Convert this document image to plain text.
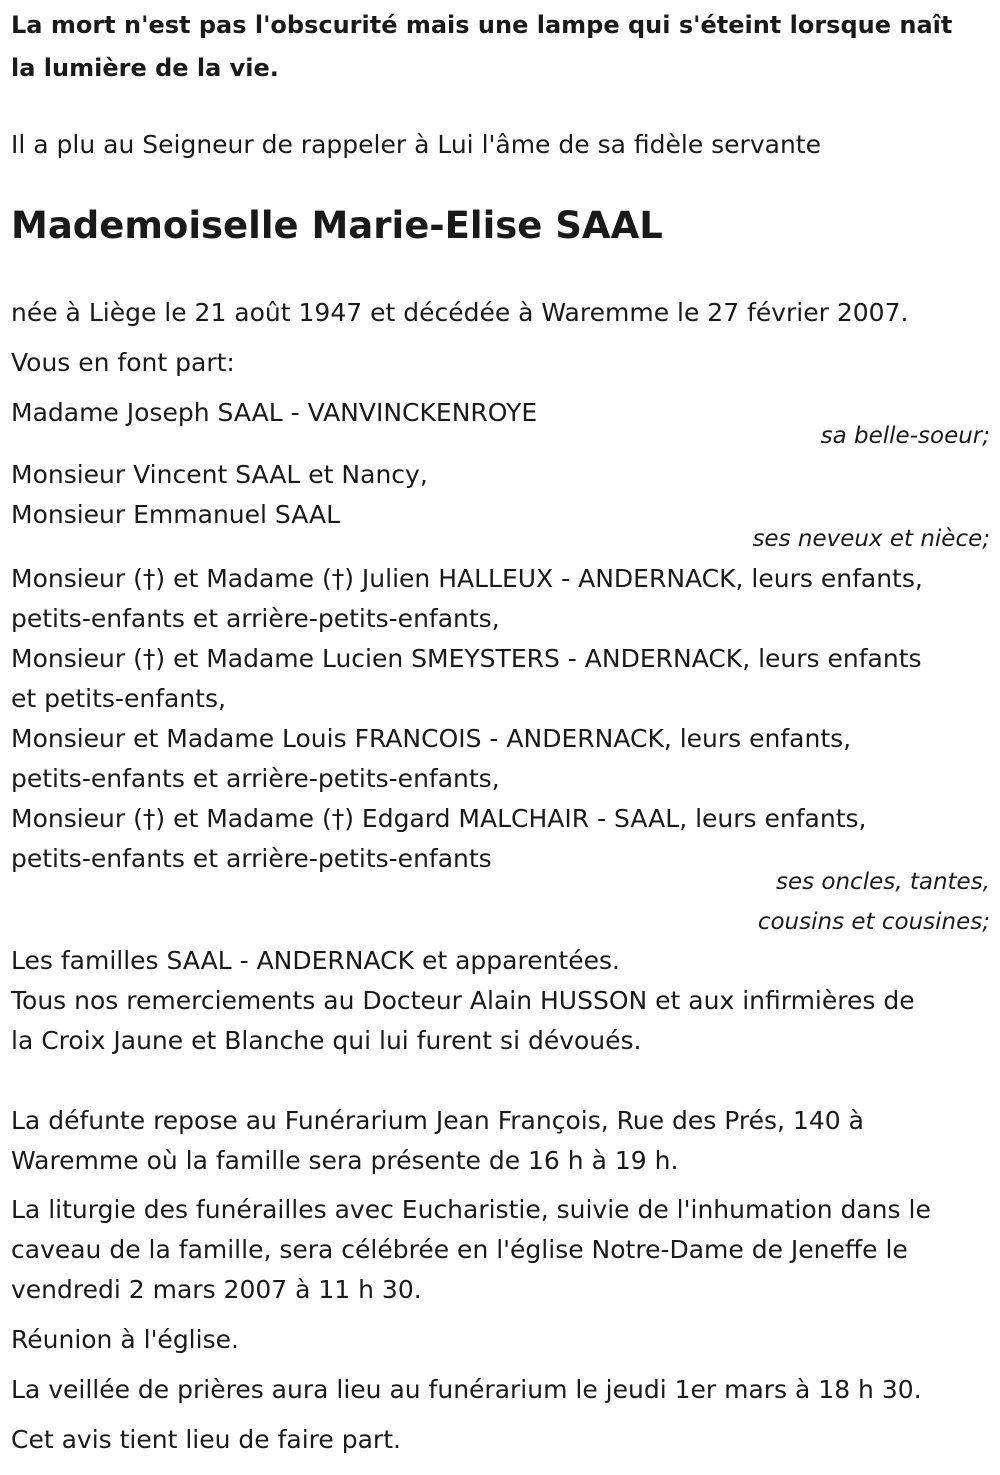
La mort n'est pas l'obscurité mais une lampe qui s'éteint lorsque naît
la lumière de la vie.

Il a plu au Seigneur de rappeler à Lui l'âme de sa fidèle servante

Mademoiselle Marie-Elise SAAL

née à Liège le 21 août 1947 et décédée à Waremme le 27 février 2007.

Vous en font part:

Madame Joseph SAAL - VANVINCKENROYE

sa belle-soeur;

Monsieur Vincent SAAL et Nancy,
Monsieur Emmanuel SAAL

ses neveux et nièce;

Monsieur (†) et Madame (†) Julien HALLEUX - ANDERNACK, leurs enfants,
petits-enfants et arrière-petits-enfants,
Monsieur (†) et Madame Lucien SMEYSTERS - ANDERNACK, leurs enfants
et petits-enfants,
Monsieur et Madame Louis FRANCOIS - ANDERNACK, leurs enfants,
petits-enfants et arrière-petits-enfants,
Monsieur (†) et Madame (†) Edgard MALCHAIR - SAAL, leurs enfants,
petits-enfants et arrière-petits-enfants

ses oncles, tantes,
cousins et cousines;

Les familles SAAL - ANDERNACK et apparentées.

Tous nos remerciements au Docteur Alain HUSSON et aux infirmières de
la Croix Jaune et Blanche qui lui furent si dévoués.

La défunte repose au Funérarium Jean François, Rue des Prés, 140 à
Waremme où la famille sera présente de 16 h à 19 h.

La liturgie des funérailles avec Eucharistie, suivie de l'inhumation dans le
caveau de la famille, sera célébrée en l'église Notre-Dame de Jeneffe le
vendredi 2 mars 2007 à 11 h 30.

Réunion à l'église.

La veillée de prières aura lieu au funérarium le jeudi 1er mars à 18 h 30.

Cet avis tient lieu de faire part.
